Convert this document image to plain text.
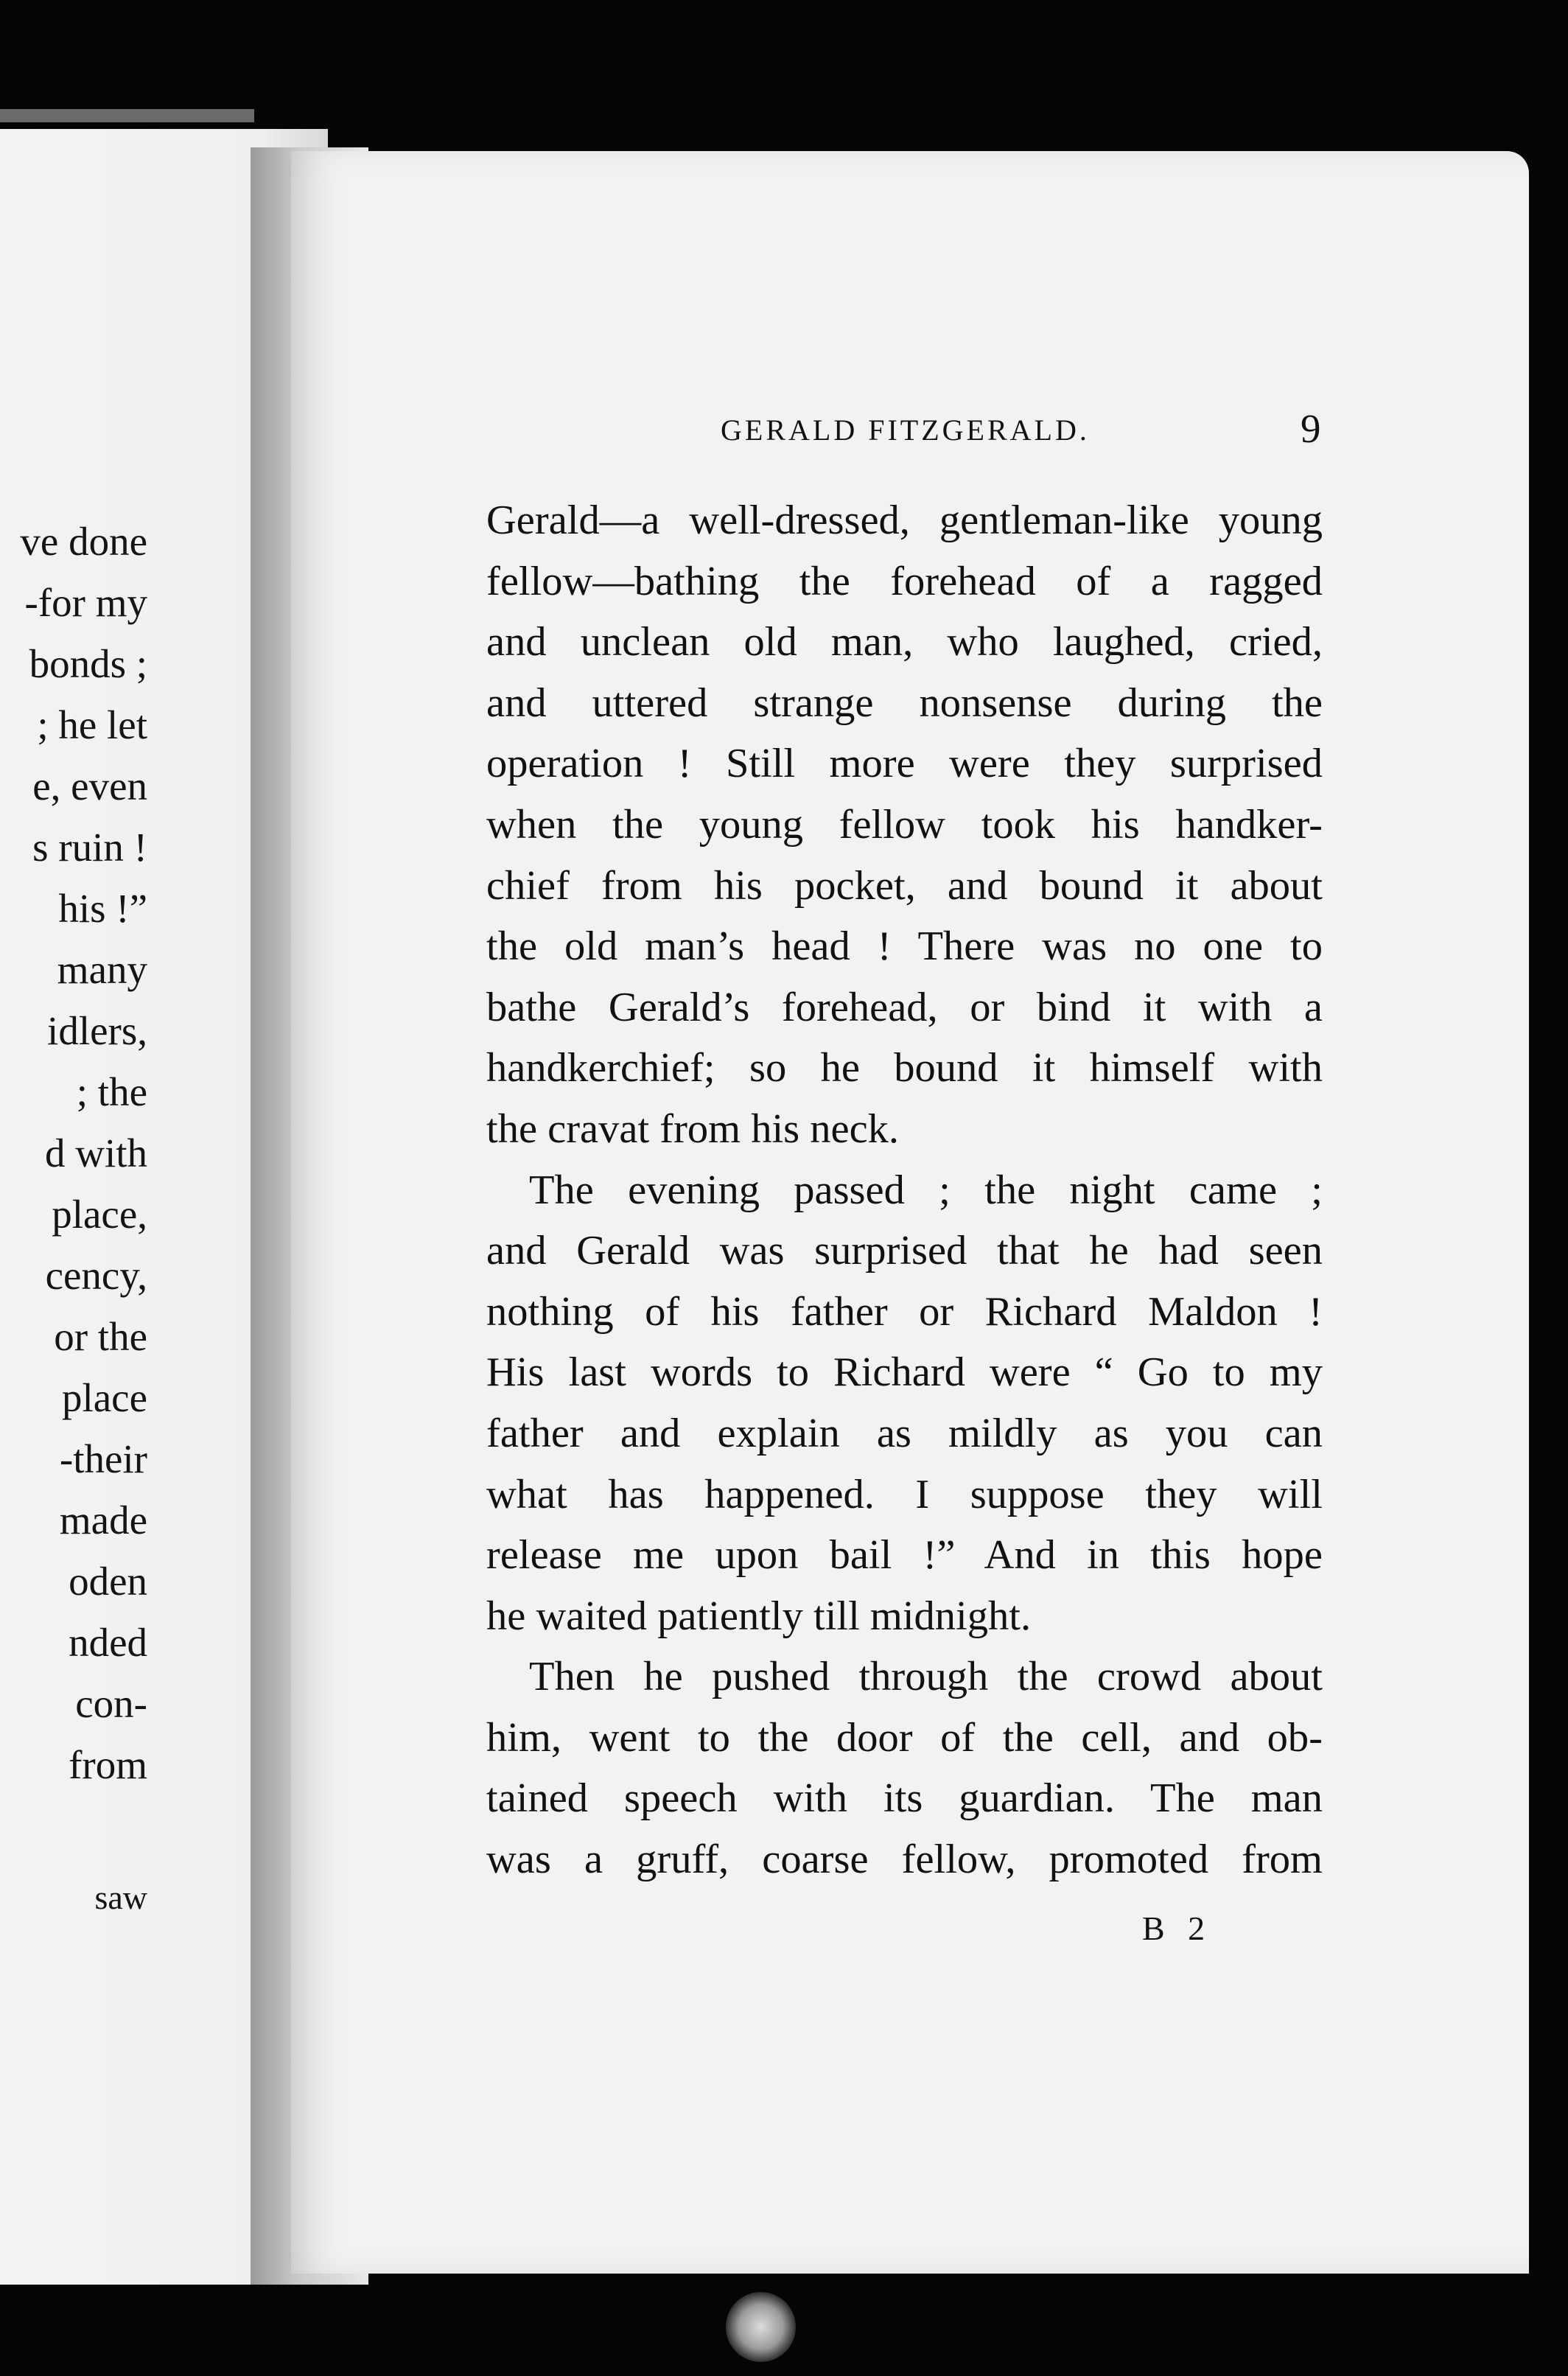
ve done
-for my
bonds ;
; he let
e, even
s ruin !
his !”
many
idlers,
; the
d with
place,
cency,
or the
place
-their
made
oden
nded
con-
from
saw
GERALD FITZGERALD.	9
Gerald—a well-dressed, gentleman-like young
fellow—bathing the forehead of a ragged
and unclean old man, who laughed, cried,
and uttered strange nonsense during the
operation ! Still more were they surprised
when the young fellow took his handker-
chief from his pocket, and bound it about
the old man’s head ! There was no one to
bathe Gerald’s forehead, or bind it with a
handkerchief; so he bound it himself with
the cravat from his neck.
The evening passed ; the night came ;
and Gerald was surprised that he had seen
nothing of his father or Richard Maldon !
His last words to Richard were “ Go to my
father and explain as mildly as you can
what has happened. I suppose they will
release me upon bail !” And in this hope
he waited patiently till midnight.
Then he pushed through the crowd about
him, went to the door of the cell, and ob-
tained speech with its guardian. The man
was a gruff, coarse fellow, promoted from
B 2
